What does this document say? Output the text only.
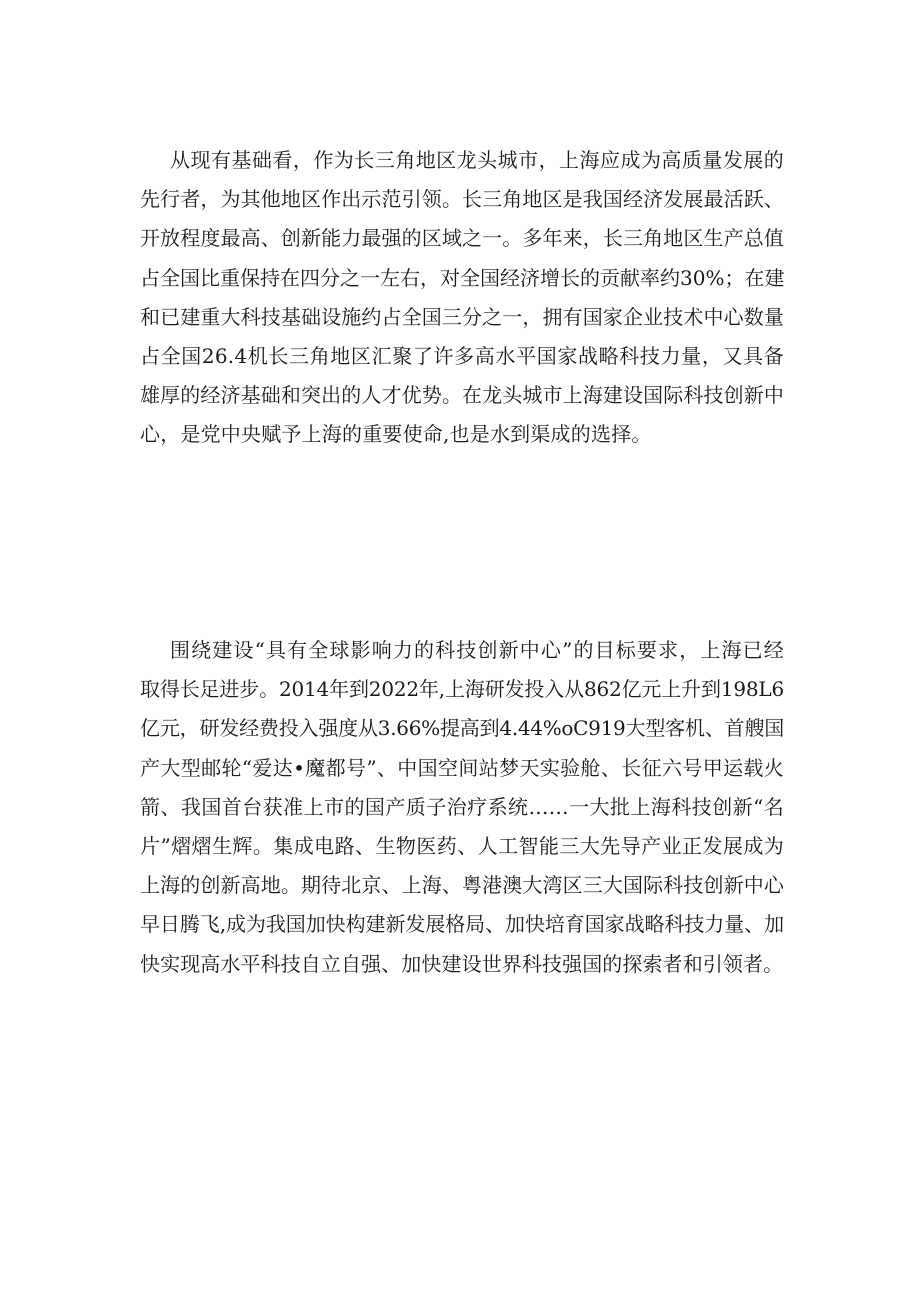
从现有基础看，作为长三角地区龙头城市，上海应成为高质量发展的
先行者，为其他地区作出示范引领。长三角地区是我国经济发展最活跃、
开放程度最高、创新能力最强的区域之一。多年来，长三角地区生产总值
占全国比重保持在四分之一左右，对全国经济增长的贡献率约30%；在建
和已建重大科技基础设施约占全国三分之一，拥有国家企业技术中心数量
占全国26.4机长三角地区汇聚了许多高水平国家战略科技力量，又具备
雄厚的经济基础和突出的人才优势。在龙头城市上海建设国际科技创新中
心，是党中央赋予上海的重要使命,也是水到渠成的选择。
围绕建设“具有全球影响力的科技创新中心”的目标要求，上海已经
取得长足进步。2014年到2022年,上海研发投入从862亿元上升到198L6
亿元，研发经费投入强度从3.66%提高到4.44%oC919大型客机、首艘国
产大型邮轮“爱达•魔都号”、中国空间站梦天实验舱、长征六号甲运载火
箭、我国首台获准上市的国产质子治疗系统……一大批上海科技创新“名
片”熠熠生辉。集成电路、生物医药、人工智能三大先导产业正发展成为
上海的创新高地。期待北京、上海、粤港澳大湾区三大国际科技创新中心
早日腾飞,成为我国加快构建新发展格局、加快培育国家战略科技力量、加
快实现高水平科技自立自强、加快建设世界科技强国的探索者和引领者。
